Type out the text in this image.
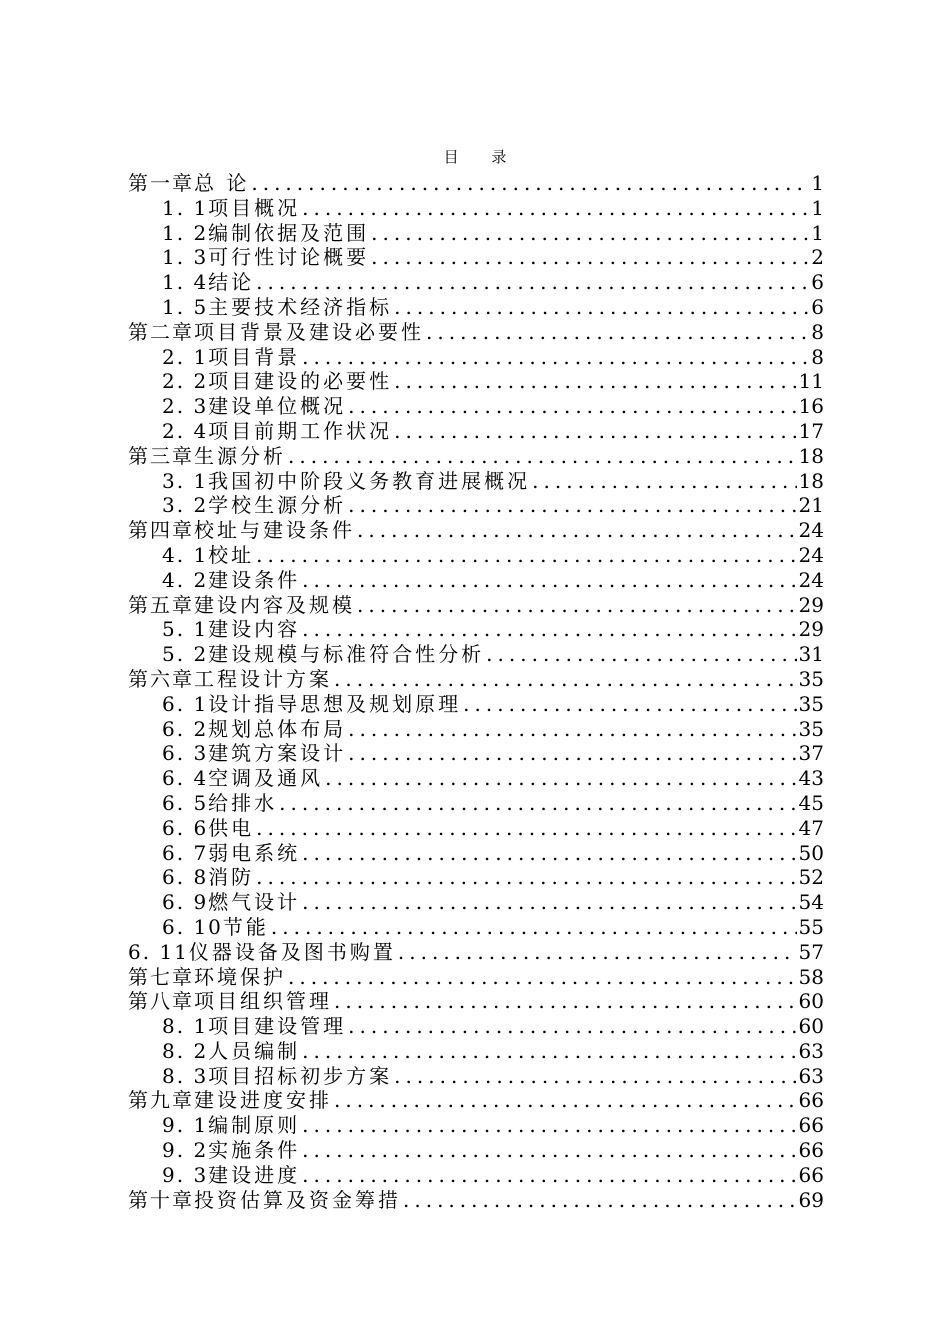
目 录
第一章 总 论 .....	1
1. 1 项目概况 .....	1
1. 2 编制依据及范围 .....	1
1. 3 可行性讨论概要 .....	2
1. 4 结论 .....	6
1. 5 主要技术经济指标 .....	6
第二章 项目背景及建设必要性 .....	8
2. 1 项目背景 .....	8
2. 2 项目建设的必要性 .....	11
2. 3 建设单位概况 .....	16
2. 4 项目前期工作状况 .....	17
第三章 生源分析 .....	18
3. 1 我国初中阶段义务教育进展概况 .....	18
3. 2 学校生源分析 .....	21
第四章 校址与建设条件 .....	24
4. 1 校址 .....	24
4. 2 建设条件 .....	24
第五章 建设内容及规模 .....	29
5. 1 建设内容 .....	29
5. 2 建设规模与标准符合性分析 .....	31
第六章 工程设计方案 .....	35
6. 1 设计指导思想及规划原理 .....	35
6. 2 规划总体布局 .....	35
6. 3 建筑方案设计 .....	37
6. 4 空调及通风 .....	43
6. 5 给排水 .....	45
6. 6 供电 .....	47
6. 7 弱电系统 .....	50
6. 8 消防 .....	52
6. 9 燃气设计 .....	54
6. 10 节能 .....	55
6. 11 仪器设备及图书购置 .....	57
第七章 环境保护 .....	58
第八章 项目组织管理 .....	60
8. 1 项目建设管理 .....	60
8. 2 人员编制 .....	63
8. 3 项目招标初步方案 .....	63
第九章 建设进度安排 .....	66
9. 1 编制原则 .....	66
9. 2 实施条件 .....	66
9. 3 建设进度 .....	66
第十章 投资估算及资金筹措 .....	69
